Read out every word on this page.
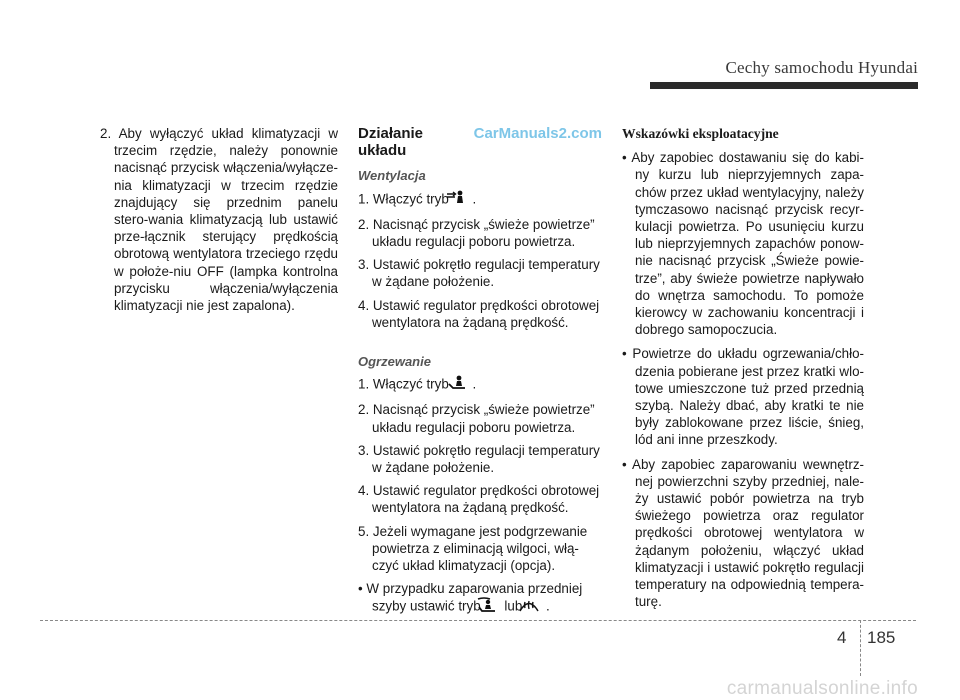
Cechy samochodu Hyundai

2. Aby wyłączyć układ klimatyzacji w trzecim rzędzie, należy ponownie nacisnąć przycisk włączenia/wyłącze-nia klimatyzacji w trzecim rzędzie znajdujący się przednim panelu stero-wania klimatyzacją lub ustawić prze-łącznik sterujący prędkością obrotową wentylatora trzeciego rzędu w położe-niu OFF (lampka kontrolna przycisku włączenia/wyłączenia klimatyzacji nie jest zapalona).

Działanie układu
CarManuals2.com
Wentylacja

1. Włączyć tryb .

2. Nacisnąć przycisk „świeże powietrze” układu regulacji poboru powietrza.

3. Ustawić pokrętło regulacji temperatury w żądane położenie.

4. Ustawić regulator prędkości obrotowej wentylatora na żądaną prędkość.

Ogrzewanie

1. Włączyć tryb .

2. Nacisnąć przycisk „świeże powietrze” układu regulacji poboru powietrza.

3. Ustawić pokrętło regulacji temperatury w żądane położenie.

4. Ustawić regulator prędkości obrotowej wentylatora na żądaną prędkość.

5. Jeżeli wymagane jest podgrzewanie powietrza z eliminacją wilgoci, włą-czyć układ klimatyzacji (opcja).

• W przypadku zaparowania przedniej szyby ustawić tryb lub .

Wskazówki eksploatacyjne

• Aby zapobiec dostawaniu się do kabi-ny kurzu lub nieprzyjemnych zapa-chów przez układ wentylacyjny, należy tymczasowo nacisnąć przycisk recyr-kulacji powietrza. Po usunięciu kurzu lub nieprzyjemnych zapachów ponow-nie nacisnąć przycisk „Świeże powie-trze”, aby świeże powietrze napływało do wnętrza samochodu. To pomoże kierowcy w zachowaniu koncentracji i dobrego samopoczucia.

• Powietrze do układu ogrzewania/chło-dzenia pobierane jest przez kratki wlo-towe umieszczone tuż przed przednią szybą. Należy dbać, aby kratki te nie były zablokowane przez liście, śnieg, lód ani inne przeszkody.

• Aby zapobiec zaparowaniu wewnętrz-nej powierzchni szyby przedniej, nale-ży ustawić pobór powietrza na tryb świeżego powietrza oraz regulator prędkości obrotowej wentylatora w żądanym położeniu, włączyć układ klimatyzacji i ustawić pokrętło regulacji temperatury na odpowiednią tempera-turę.

4 185
carmanualsonline.info
